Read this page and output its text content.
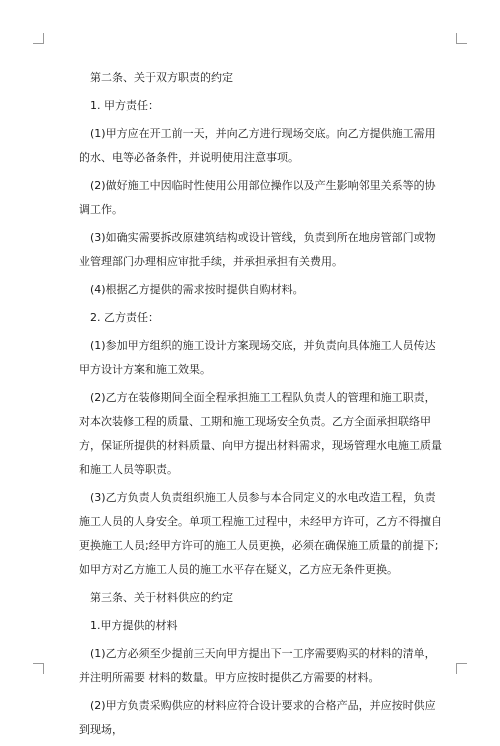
第二条、关于双方职责的约定

1. 甲方责任：

(1)甲方应在开工前一天，并向乙方进行现场交底。向乙方提供施工需用的水、电等必备条件，并说明使用注意事项。

(2)做好施工中因临时性使用公用部位操作以及产生影响邻里关系等的协调工作。

(3)如确实需要拆改原建筑结构或设计管线，负责到所在地房管部门或物业管理部门办理相应审批手续，并承担承担有关费用。

(4)根据乙方提供的需求按时提供自购材料。

2. 乙方责任：

(1)参加甲方组织的施工设计方案现场交底，并负责向具体施工人员传达甲方设计方案和施工效果。

(2)乙方在装修期间全面全程承担施工工程队负责人的管理和施工职责，对本次装修工程的质量、工期和施工现场安全负责。乙方全面承担联络甲方，保证所提供的材料质量、向甲方提出材料需求，现场管理水电施工质量和施工人员等职责。

(3)乙方负责人负责组织施工人员参与本合同定义的水电改造工程，负责施工人员的人身安全。单项工程施工过程中，未经甲方许可，乙方不得擅自更换施工人员;经甲方许可的施工人员更换，必须在确保施工质量的前提下;如甲方对乙方施工人员的施工水平存在疑义，乙方应无条件更换。

第三条、关于材料供应的约定

1.甲方提供的材料

(1)乙方必须至少提前三天向甲方提出下一工序需要购买的材料的清单，并注明所需要 材料的数量。甲方应按时提供乙方需要的材料。

(2)甲方负责采购供应的材料应符合设计要求的合格产品，并应按时供应到现场，
